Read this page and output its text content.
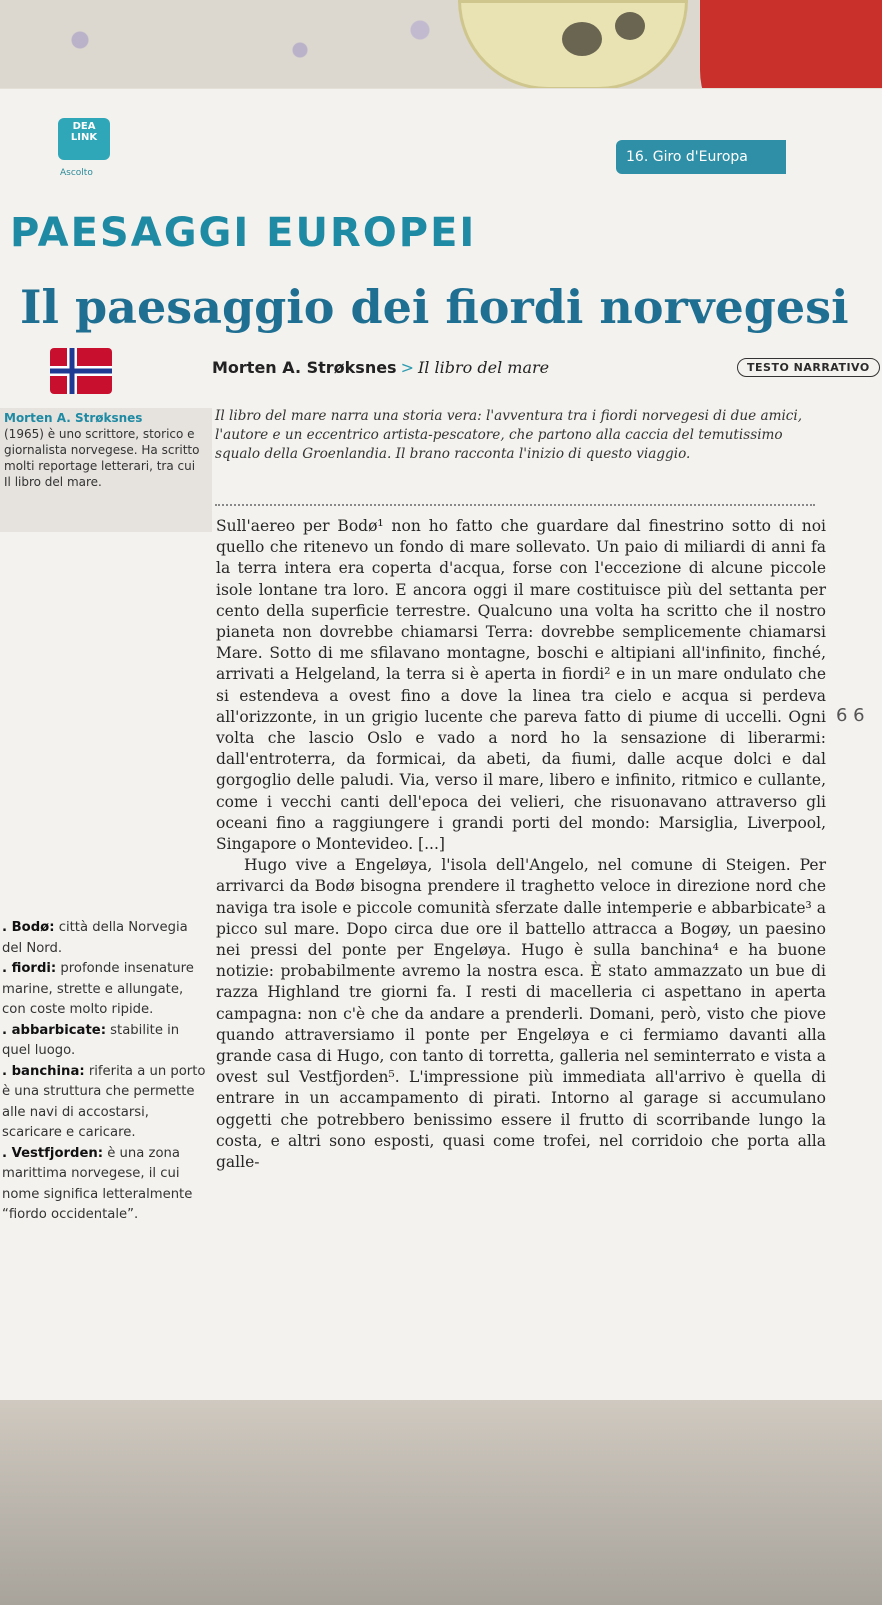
DEA LINK
Ascolto
16. Giro d'Europa
PAESAGGI EUROPEI
Il paesaggio dei fiordi norvegesi
Morten A. Strøksnes > Il libro del mare	TESTO NARRATIVO
Morten A. Strøksnes
(1965) è uno scrittore, storico e giornalista norvegese. Ha scritto molti reportage letterari, tra cui Il libro del mare.
Il libro del mare narra una storia vera: l'avventura tra i fiordi norvegesi di due amici, l'autore e un eccentrico artista-pescatore, che partono alla caccia del temutissimo squalo della Groenlandia. Il brano racconta l'inizio di questo viaggio.

Sull'aereo per Bodø¹ non ho fatto che guardare dal finestrino sotto di noi quello che ritenevo un fondo di mare sollevato. Un paio di miliardi di anni fa la terra intera era coperta d'acqua, forse con l'eccezione di alcune piccole isole lontane tra loro. E ancora oggi il mare costituisce più del settanta per cento della superficie terrestre. Qualcuno una volta ha scritto che il nostro pianeta non dovrebbe chiamarsi Terra: dovrebbe semplicemente chiamarsi Mare. Sotto di me sfilavano montagne, boschi e altipiani all'infinito, finché, arrivati a Helgeland, la terra si è aperta in fiordi² e in un mare ondulato che si estendeva a ovest fino a dove la linea tra cielo e acqua si perdeva all'orizzonte, in un grigio lucente che pareva fatto di piume di uccelli. Ogni volta che lascio Oslo e vado a nord ho la sensazione di liberarmi: dall'entroterra, da formicai, da abeti, da fiumi, dalle acque dolci e dal gorgoglio delle paludi. Via, verso il mare, libero e infinito, ritmico e cullante, come i vecchi canti dell'epoca dei velieri, che risuonavano attraverso gli oceani fino a raggiungere i grandi porti del mondo: Marsiglia, Liverpool, Singapore o Montevideo. [...]

Hugo vive a Engeløya, l'isola dell'Angelo, nel comune di Steigen. Per arrivarci da Bodø bisogna prendere il traghetto veloce in direzione nord che naviga tra isole e piccole comunità sferzate dalle intemperie e abbarbicate³ a picco sul mare. Dopo circa due ore il battello attracca a Bogøy, un paesino nei pressi del ponte per Engeløya. Hugo è sulla banchina⁴ e ha buone notizie: probabilmente avremo la nostra esca. È stato ammazzato un bue di razza Highland tre giorni fa. I resti di macelleria ci aspettano in aperta campagna: non c'è che da andare a prenderli. Domani, però, visto che piove quando attraversiamo il ponte per Engeløya e ci fermiamo davanti alla grande casa di Hugo, con tanto di torretta, galleria nel seminterrato e vista a ovest sul Vestfjorden⁵. L'impressione più immediata all'arrivo è quella di entrare in un accampamento di pirati. Intorno al garage si accumulano oggetti che potrebbero benissimo essere il frutto di scorribande lungo la costa, e altri sono esposti, quasi come trofei, nel corridoio che porta alla galle-

. Bodø: città della Norvegia del Nord.
. fiordi: profonde insenature marine, strette e allungate, con coste molto ripide.
. abbarbicate: stabilite in quel luogo.
. banchina: riferita a un porto è una struttura che permette alle navi di accostarsi, scaricare e caricare.
. Vestfjorden: è una zona marittima norvegese, il cui nome significa letteralmente “fiordo occidentale”.
6 6
